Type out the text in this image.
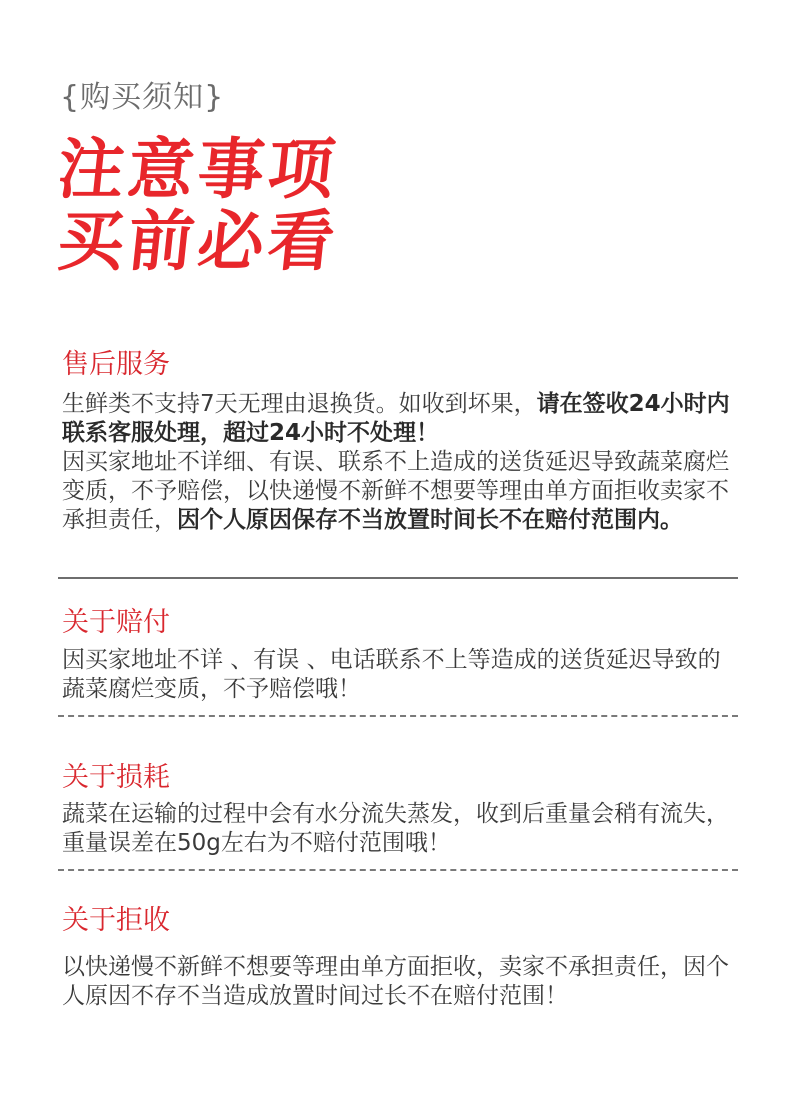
{购买须知}
注意事项
买前必看
售后服务
生鲜类不支持7天无理由退换货。如收到坏果，请在签收24小时内联系客服处理，超过24小时不处理！
因买家地址不详细、有误、联系不上造成的送货延迟导致蔬菜腐烂变质，不予赔偿，以快递慢不新鲜不想要等理由单方面拒收卖家不承担责任，因个人原因保存不当放置时间长不在赔付范围内。
关于赔付
因买家地址不详 、有误 、电话联系不上等造成的送货延迟导致的蔬菜腐烂变质，不予赔偿哦！
关于损耗
蔬菜在运输的过程中会有水分流失蒸发，收到后重量会稍有流失，重量误差在50g左右为不赔付范围哦！
关于拒收
以快递慢不新鲜不想要等理由单方面拒收，卖家不承担责任，因个人原因不存不当造成放置时间过长不在赔付范围！
